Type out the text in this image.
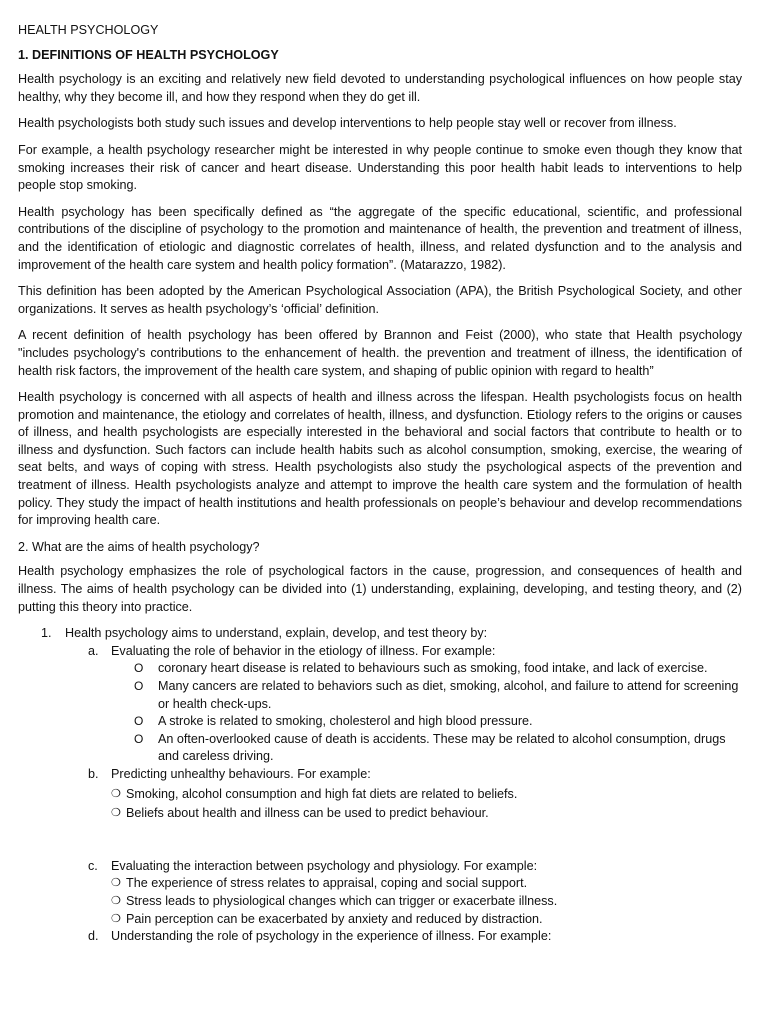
HEALTH PSYCHOLOGY

1. DEFINITIONS OF HEALTH PSYCHOLOGY

Health psychology is an exciting and relatively new field devoted to understanding psychological influences on how people stay healthy, why they become ill, and how they respond when they do get ill.

Health psychologists both study such issues and develop interventions to help people stay well or recover from illness.

For example, a health psychology researcher might be interested in why people continue to smoke even though they know that smoking increases their risk of cancer and heart disease. Understanding this poor health habit leads to interventions to help people stop smoking.

Health psychology has been specifically defined as “the aggregate of the specific educational, scientific, and professional contributions of the discipline of psychology to the promotion and maintenance of health, the prevention and treatment of illness, and the identification of etiologic and diagnostic correlates of health, illness, and related dysfunction and to the analysis and improvement of the health care system and health policy formation”. (Matarazzo, 1982).

This definition has been adopted by the American Psychological Association (APA), the British Psychological Society, and other organizations. It serves as health psychology’s ‘official’ definition.

A recent definition of health psychology has been offered by Brannon and Feist (2000), who state that Health psychology "includes psychology's contributions to the enhancement of health. the prevention and treatment of illness, the identification of health risk factors, the improvement of the health care system, and shaping of public opinion with regard to health”

Health psychology is concerned with all aspects of health and illness across the lifespan. Health psychologists focus on health promotion and maintenance, the etiology and correlates of health, illness, and dysfunction. Etiology refers to the origins or causes of illness, and health psychologists are especially interested in the behavioral and social factors that contribute to health or to illness and dysfunction. Such factors can include health habits such as alcohol consumption, smoking, exercise, the wearing of seat belts, and ways of coping with stress. Health psychologists also study the psychological aspects of the prevention and treatment of illness. Health psychologists analyze and attempt to improve the health care system and the formulation of health policy. They study the impact of health institutions and health professionals on people’s behaviour and develop recommendations for improving health care.

2. What are the aims of health psychology?

Health psychology emphasizes the role of psychological factors in the cause, progression, and consequences of health and illness. The aims of health psychology can be divided into (1) understanding, explaining, developing, and testing theory, and (2) putting this theory into practice.

1. Health psychology aims to understand, explain, develop, and test theory by:
a. Evaluating the role of behavior in the etiology of illness. For example:
O coronary heart disease is related to behaviours such as smoking, food intake, and lack of exercise.
O Many cancers are related to behaviors such as diet, smoking, alcohol, and failure to attend for screening or health check-ups.
O A stroke is related to smoking, cholesterol and high blood pressure.
O An often-overlooked cause of death is accidents. These may be related to alcohol consumption, drugs and careless driving.
b. Predicting unhealthy behaviours. For example:
❍ Smoking, alcohol consumption and high fat diets are related to beliefs.
❍ Beliefs about health and illness can be used to predict behaviour.
c. Evaluating the interaction between psychology and physiology. For example:
❍ The experience of stress relates to appraisal, coping and social support.
❍ Stress leads to physiological changes which can trigger or exacerbate illness.
❍ Pain perception can be exacerbated by anxiety and reduced by distraction.
d. Understanding the role of psychology in the experience of illness. For example:
